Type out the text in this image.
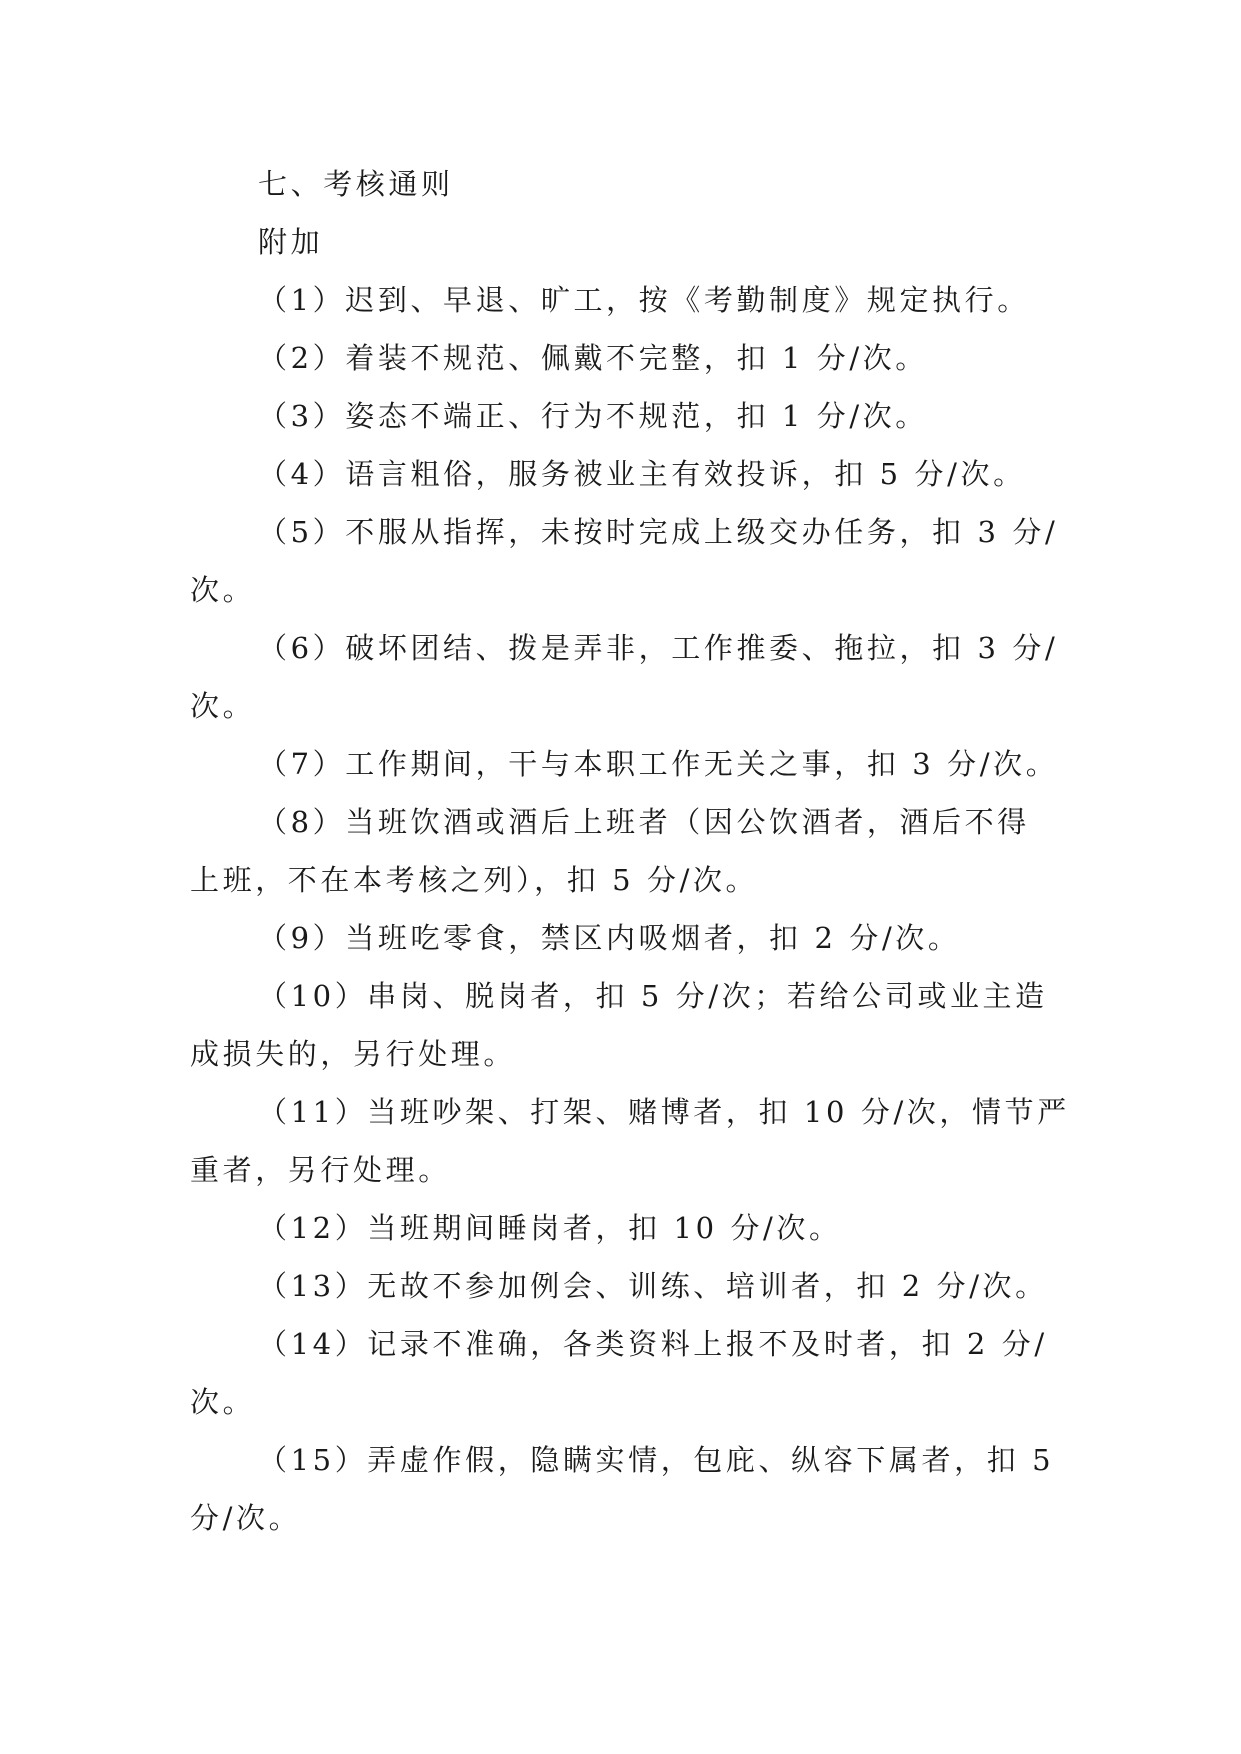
七、考核通则

附加

（1）迟到、早退、旷工，按《考勤制度》规定执行。

（2）着装不规范、佩戴不完整，扣 1 分/次。

（3）姿态不端正、行为不规范，扣 1 分/次。

（4）语言粗俗，服务被业主有效投诉，扣 5 分/次。

（5）不服从指挥，未按时完成上级交办任务，扣 3 分/

次。

（6）破坏团结、拨是弄非，工作推委、拖拉，扣 3 分/

次。

（7）工作期间，干与本职工作无关之事，扣 3 分/次。

（8）当班饮酒或酒后上班者（因公饮酒者，酒后不得

上班，不在本考核之列），扣 5 分/次。

（9）当班吃零食，禁区内吸烟者，扣 2 分/次。

（10）串岗、脱岗者，扣 5 分/次；若给公司或业主造

成损失的，另行处理。

（11）当班吵架、打架、赌博者，扣 10 分/次，情节严

重者，另行处理。

（12）当班期间睡岗者，扣 10 分/次。

（13）无故不参加例会、训练、培训者，扣 2 分/次。

（14）记录不准确，各类资料上报不及时者，扣 2 分/

次。

（15）弄虚作假，隐瞒实情，包庇、纵容下属者，扣 5

分/次。
